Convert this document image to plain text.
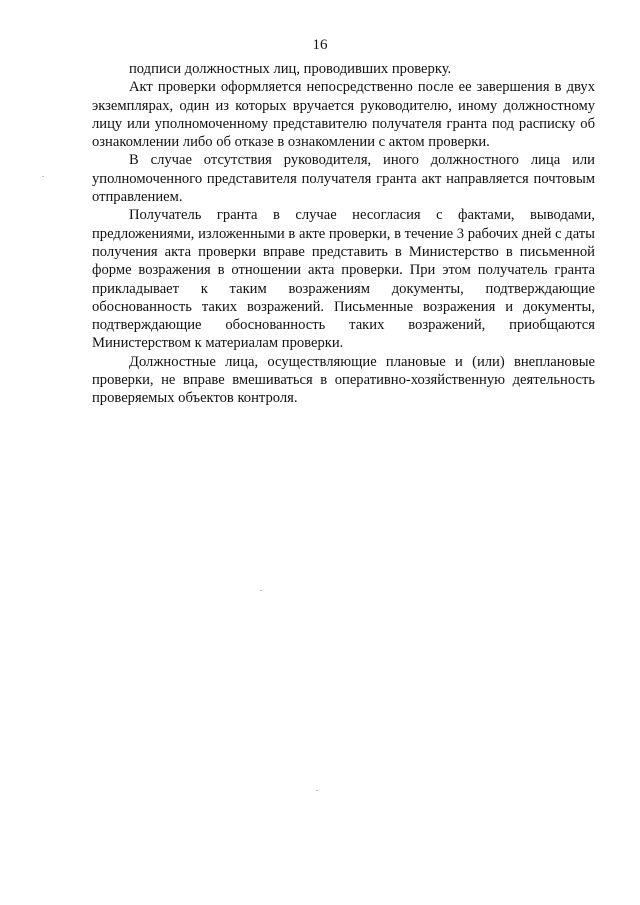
16

подписи должностных лиц, проводивших проверку.

Акт проверки оформляется непосредственно после ее завершения в двух экземплярах, один из которых вручается руководителю, иному должностному лицу или уполномоченному представителю получателя гранта под расписку об ознакомлении либо об отказе в ознакомлении с актом проверки.

В случае отсутствия руководителя, иного должностного лица или уполномоченного представителя получателя гранта акт направляется почтовым отправлением.

Получатель гранта в случае несогласия с фактами, выводами, предложениями, изложенными в акте проверки, в течение 3 рабочих дней с даты получения акта проверки вправе представить в Министерство в письменной форме возражения в отношении акта проверки. При этом получатель гранта прикладывает к таким возражениям документы, подтверждающие обоснованность таких возражений. Письменные возражения и документы, подтверждающие обоснованность таких возражений, приобщаются Министерством к материалам проверки.

Должностные лица, осуществляющие плановые и (или) внеплановые проверки, не вправе вмешиваться в оперативно-хозяйственную деятельность проверяемых объектов контроля.
